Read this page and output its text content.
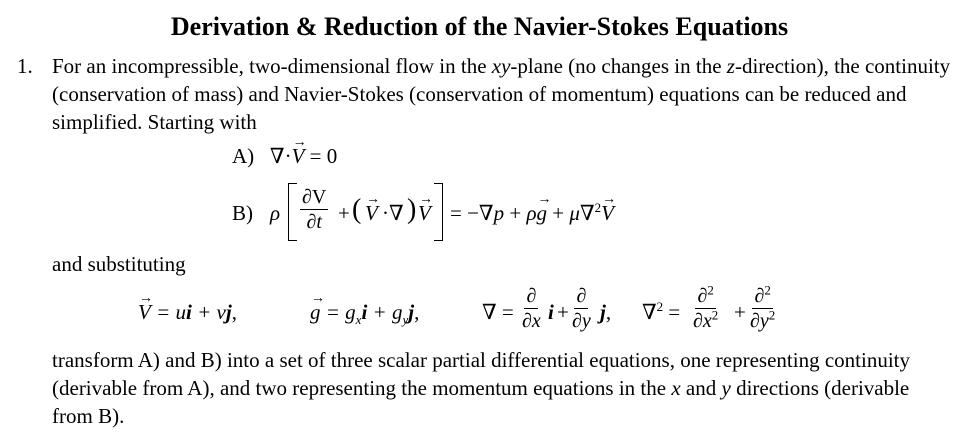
Derivation & Reduction of the Navier-Stokes Equations
1. For an incompressible, two-dimensional flow in the xy-plane (no changes in the z-direction), the continuity (conservation of mass) and Navier-Stokes (conservation of momentum) equations can be reduced and simplified. Starting with
A) ∇·→ V = 0
B) ρ $\frac{\partial V}{\partial t}$ + ( → V ·∇ ) → V = −∇p + ρ→ g + μ∇$^2$→ V
and substituting
→ V = ui + vj,	→ $g = g_xi + g_yj$,	∇ =
∂
∂x i +
∂
∂y j, $\nabla^2 = \frac{\partial^2}{\partial x^2} + \frac{\partial^2}{\partial y^2}$
transform A) and B) into a set of three scalar partial differential equations, one representing continuity (derivable from A), and two representing the momentum equations in the x and y directions (derivable from B).
